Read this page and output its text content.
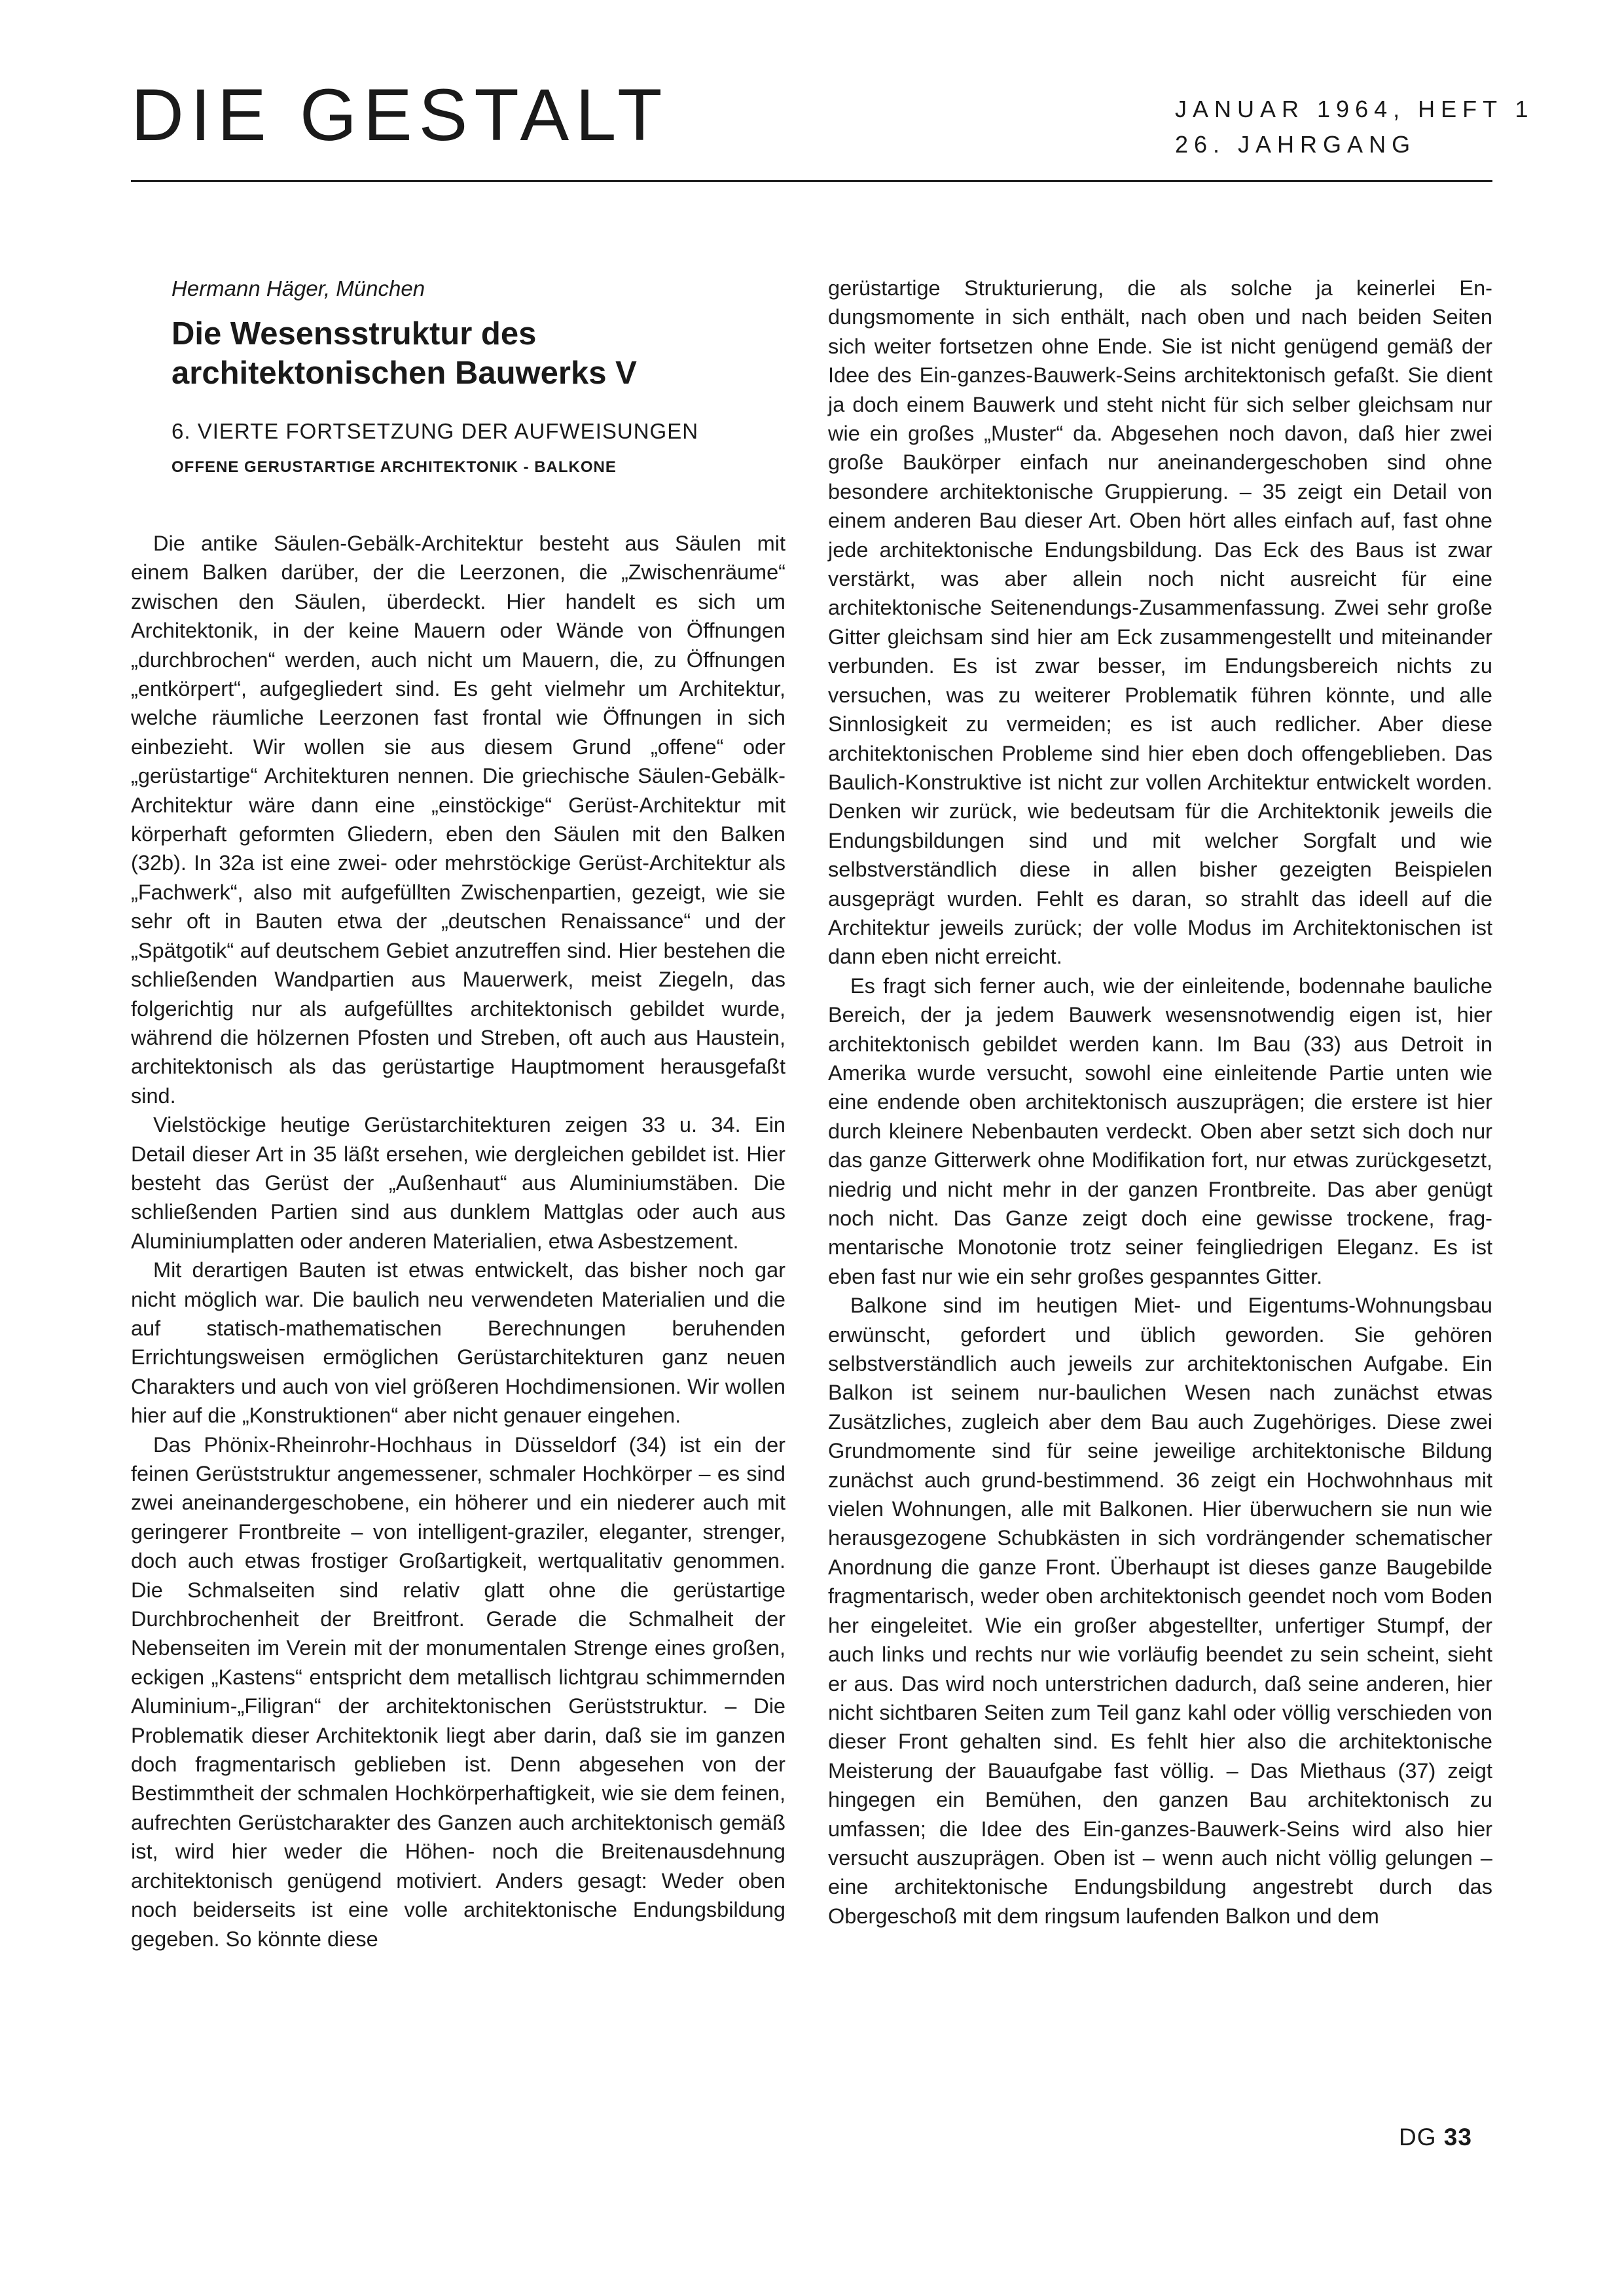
DIE GESTALT	JANUAR 1964, HEFT 1
26. JAHRGANG
Hermann Häger, München
Die Wesensstruktur des architektonischen Bauwerks V
6. VIERTE FORTSETZUNG DER AUFWEISUNGEN
OFFENE GERUSTARTIGE ARCHITEKTONIK - BALKONE

Die antike Säulen-Gebälk-Architektur besteht aus Säulen mit einem Balken darüber, der die Leerzonen, die „Zwischenräume“ zwischen den Säulen, überdeckt. Hier handelt es sich um Architektonik, in der keine Mauern oder Wände von Öffnungen „durchbrochen“ werden, auch nicht um Mauern, die, zu Öffnungen „entkörpert“, aufgegliedert sind. Es geht vielmehr um Architektur, welche räumliche Leerzonen fast frontal wie Öffnungen in sich einbezieht. Wir wollen sie aus diesem Grund „offene“ oder „gerüstartige“ Architekturen nennen. Die griechische Säulen-Gebälk-Architektur wäre dann eine „einstöckige“ Gerüst-Architektur mit körperhaft geformten Gliedern, eben den Säulen mit den Balken (32b). In 32a ist eine zwei- oder mehrstöckige Gerüst-Architektur als „Fachwerk“, also mit aufgefüllten Zwischenpartien, gezeigt, wie sie sehr oft in Bauten etwa der „deutschen Renaissance“ und der „Spätgotik“ auf deutschem Gebiet anzutreffen sind. Hier bestehen die schließenden Wandpartien aus Mauerwerk, meist Ziegeln, das folgerichtig nur als aufgefülltes architektonisch gebildet wurde, während die hölzernen Pfosten und Streben, oft auch aus Haustein, architektonisch als das gerüstartige Hauptmoment herausgefaßt sind.

Vielstöckige heutige Gerüstarchitekturen zeigen 33 u. 34. Ein Detail dieser Art in 35 läßt ersehen, wie dergleichen gebildet ist. Hier besteht das Gerüst der „Außenhaut“ aus Aluminiumstäben. Die schließenden Partien sind aus dunklem Mattglas oder auch aus Aluminiumplatten oder anderen Materialien, etwa Asbestzement.

Mit derartigen Bauten ist etwas entwickelt, das bisher noch gar nicht möglich war. Die baulich neu verwendeten Materialien und die auf statisch-mathematischen Berechnungen beruhenden Errichtungsweisen ermöglichen Gerüstarchitekturen ganz neuen Charakters und auch von viel größeren Hochdimensionen. Wir wollen hier auf die „Konstruktionen“ aber nicht genauer eingehen.

Das Phönix-Rheinrohr-Hochhaus in Düsseldorf (34) ist ein der feinen Gerüststruktur angemessener, schmaler Hochkörper – es sind zwei aneinandergeschobene, ein höherer und ein niederer auch mit geringerer Frontbreite – von intelligent-graziler, eleganter, strenger, doch auch etwas frostiger Großartigkeit, wertqualitativ genommen. Die Schmalseiten sind relativ glatt ohne die gerüstartige Durchbrochenheit der Breitfront. Gerade die Schmalheit der Nebenseiten im Verein mit der monumentalen Strenge eines großen, eckigen „Kastens“ entspricht dem metallisch lichtgrau schimmernden Aluminium-„Filigran“ der architektonischen Gerüststruktur. – Die Problematik dieser Architektonik liegt aber darin, daß sie im ganzen doch fragmentarisch geblieben ist. Denn abgesehen von der Bestimmtheit der schmalen Hochkörperhaftigkeit, wie sie dem feinen, aufrechten Gerüstcharakter des Ganzen auch architektonisch gemäß ist, wird hier weder die Höhen- noch die Breitenausdehnung architektonisch genügend motiviert. Anders gesagt: Weder oben noch beiderseits ist eine volle architektonische Endungsbildung gegeben. So könnte diese

gerüstartige Strukturierung, die als solche ja keinerlei Endungsmomente in sich enthält, nach oben und nach beiden Seiten sich weiter fortsetzen ohne Ende. Sie ist nicht genügend gemäß der Idee des Ein-ganzes-Bauwerk-Seins architektonisch gefaßt. Sie dient ja doch einem Bauwerk und steht nicht für sich selber gleichsam nur wie ein großes „Muster“ da. Abgesehen noch davon, daß hier zwei große Baukörper einfach nur aneinandergeschoben sind ohne besondere architektonische Gruppierung. – 35 zeigt ein Detail von einem anderen Bau dieser Art. Oben hört alles einfach auf, fast ohne jede architektonische Endungsbildung. Das Eck des Baus ist zwar verstärkt, was aber allein noch nicht ausreicht für eine architektonische Seitenendungs-Zusammenfassung. Zwei sehr große Gitter gleichsam sind hier am Eck zusammengestellt und miteinander verbunden. Es ist zwar besser, im Endungsbereich nichts zu versuchen, was zu weiterer Problematik führen könnte, und alle Sinnlosigkeit zu vermeiden; es ist auch redlicher. Aber diese architektonischen Probleme sind hier eben doch offengeblieben. Das Baulich-Konstruktive ist nicht zur vollen Architektur entwickelt worden. Denken wir zurück, wie bedeutsam für die Architektonik jeweils die Endungsbildungen sind und mit welcher Sorgfalt und wie selbstverständlich diese in allen bisher gezeigten Beispielen ausgeprägt wurden. Fehlt es daran, so strahlt das ideell auf die Architektur jeweils zurück; der volle Modus im Architektonischen ist dann eben nicht erreicht.

Es fragt sich ferner auch, wie der einleitende, bodennahe bauliche Bereich, der ja jedem Bauwerk wesensnotwendig eigen ist, hier architektonisch gebildet werden kann. Im Bau (33) aus Detroit in Amerika wurde versucht, sowohl eine einleitende Partie unten wie eine endende oben architektonisch auszuprägen; die erstere ist hier durch kleinere Nebenbauten verdeckt. Oben aber setzt sich doch nur das ganze Gitterwerk ohne Modifikation fort, nur etwas zurückgesetzt, niedrig und nicht mehr in der ganzen Frontbreite. Das aber genügt noch nicht. Das Ganze zeigt doch eine gewisse trockene, fragmentarische Monotonie trotz seiner feingliedrigen Eleganz. Es ist eben fast nur wie ein sehr großes gespanntes Gitter.

Balkone sind im heutigen Miet- und Eigentums-Wohnungsbau erwünscht, gefordert und üblich geworden. Sie gehören selbstverständlich auch jeweils zur architektonischen Aufgabe. Ein Balkon ist seinem nur-baulichen Wesen nach zunächst etwas Zusätzliches, zugleich aber dem Bau auch Zugehöriges. Diese zwei Grundmomente sind für seine jeweilige architektonische Bildung zunächst auch grund-bestimmend. 36 zeigt ein Hochwohnhaus mit vielen Wohnungen, alle mit Balkonen. Hier überwuchern sie nun wie herausgezogene Schubkästen in sich vordrängender schematischer Anordnung die ganze Front. Überhaupt ist dieses ganze Baugebilde fragmentarisch, weder oben architektonisch geendet noch vom Boden her eingeleitet. Wie ein großer abgestellter, unfertiger Stumpf, der auch links und rechts nur wie vorläufig beendet zu sein scheint, sieht er aus. Das wird noch unterstrichen dadurch, daß seine anderen, hier nicht sichtbaren Seiten zum Teil ganz kahl oder völlig verschieden von dieser Front gehalten sind. Es fehlt hier also die architektonische Meisterung der Bauaufgabe fast völlig. – Das Miethaus (37) zeigt hingegen ein Bemühen, den ganzen Bau architektonisch zu umfassen; die Idee des Ein-ganzes-Bauwerk-Seins wird also hier versucht auszuprägen. Oben ist – wenn auch nicht völlig gelungen – eine architektonische Endungsbildung angestrebt durch das Obergeschoß mit dem ringsum laufenden Balkon und dem

DG 33
